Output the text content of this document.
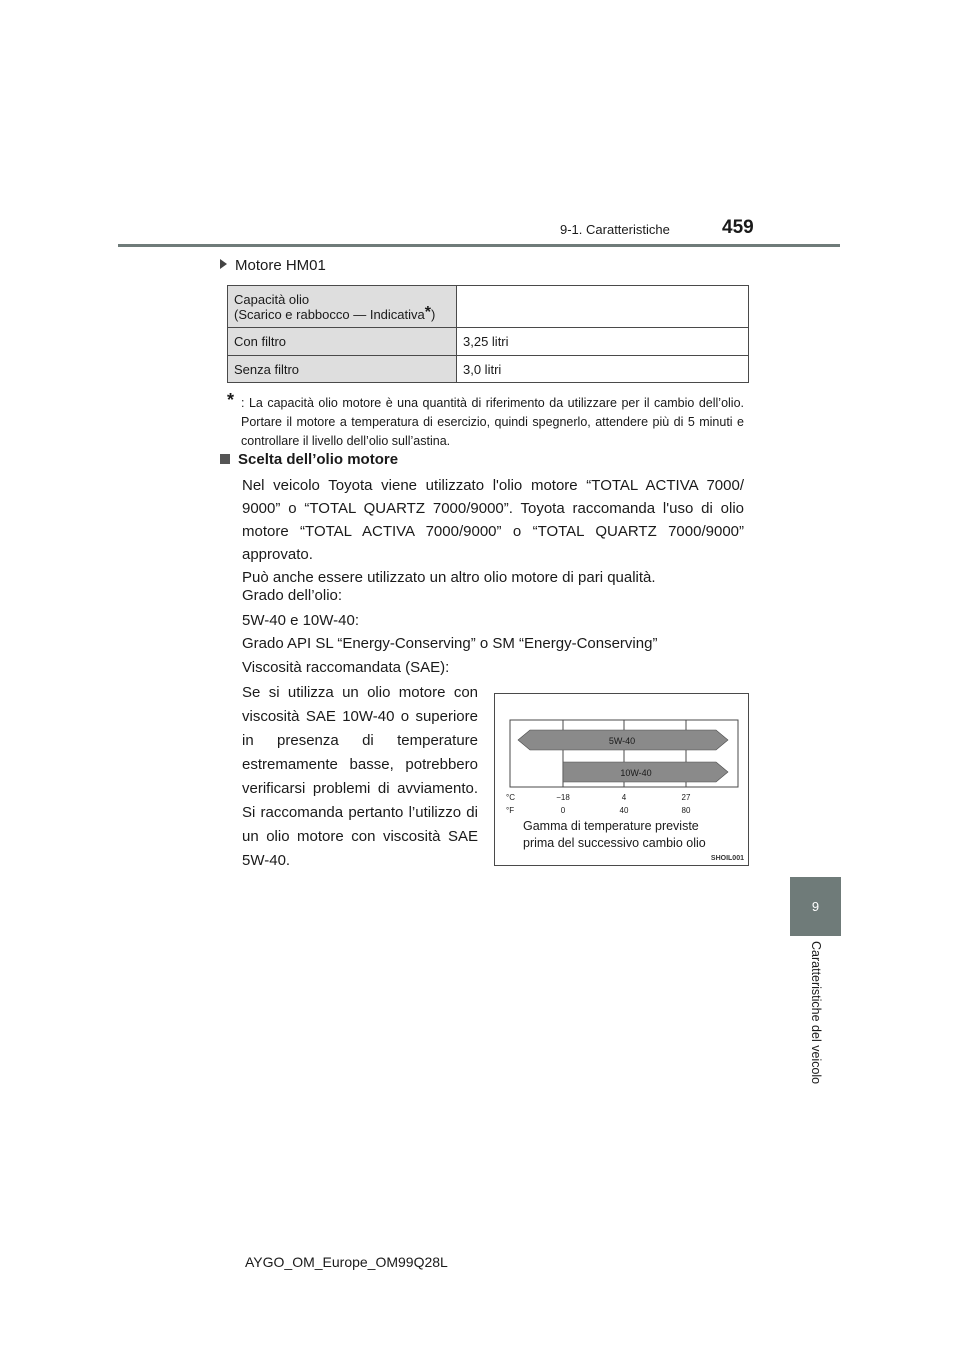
9-1. Caratteristiche	459
9
Caratteristiche del veicolo
Motore HM01
Capacità olio
(Scarico e rabbocco — Indicativa*)	

Con filtro	3,25 litri
Senza filtro	3,0 litri
* : La capacità olio motore è una quantità di riferimento da utilizzare per il cambio dell’olio. Portare il motore a temperatura di esercizio, quindi spegnerlo, attendere più di 5 minuti e controllare il livello dell’olio sull’astina.

Scelta dell’olio motore
Nel veicolo Toyota viene utilizzato l'olio motore “TOTAL ACTIVA 7000/
9000” o “TOTAL QUARTZ 7000/9000”. Toyota raccomanda l'uso di olio
motore “TOTAL ACTIVA 7000/9000” o “TOTAL QUARTZ 7000/9000”
approvato.
Può anche essere utilizzato un altro olio motore di pari qualità.
Grado dell’olio:
5W-40 e 10W-40:
Grado API SL “Energy-Conserving” o SM “Energy-Conserving”
Viscosità raccomandata (SAE):
Se si utilizza un olio motore con
viscosità SAE 10W-40 o superiore
in presenza di temperature
estremamente basse, potrebbero
verificarsi problemi di avviamento.
Si raccomanda pertanto l’utilizzo di
un olio motore con viscosità SAE
5W-40.
5W-40
10W-40
°C
°F
−18	4	27
0	40	80
Gamma di temperature previste
prima del successivo cambio olio
SHOIL001
AYGO_OM_Europe_OM99Q28L
